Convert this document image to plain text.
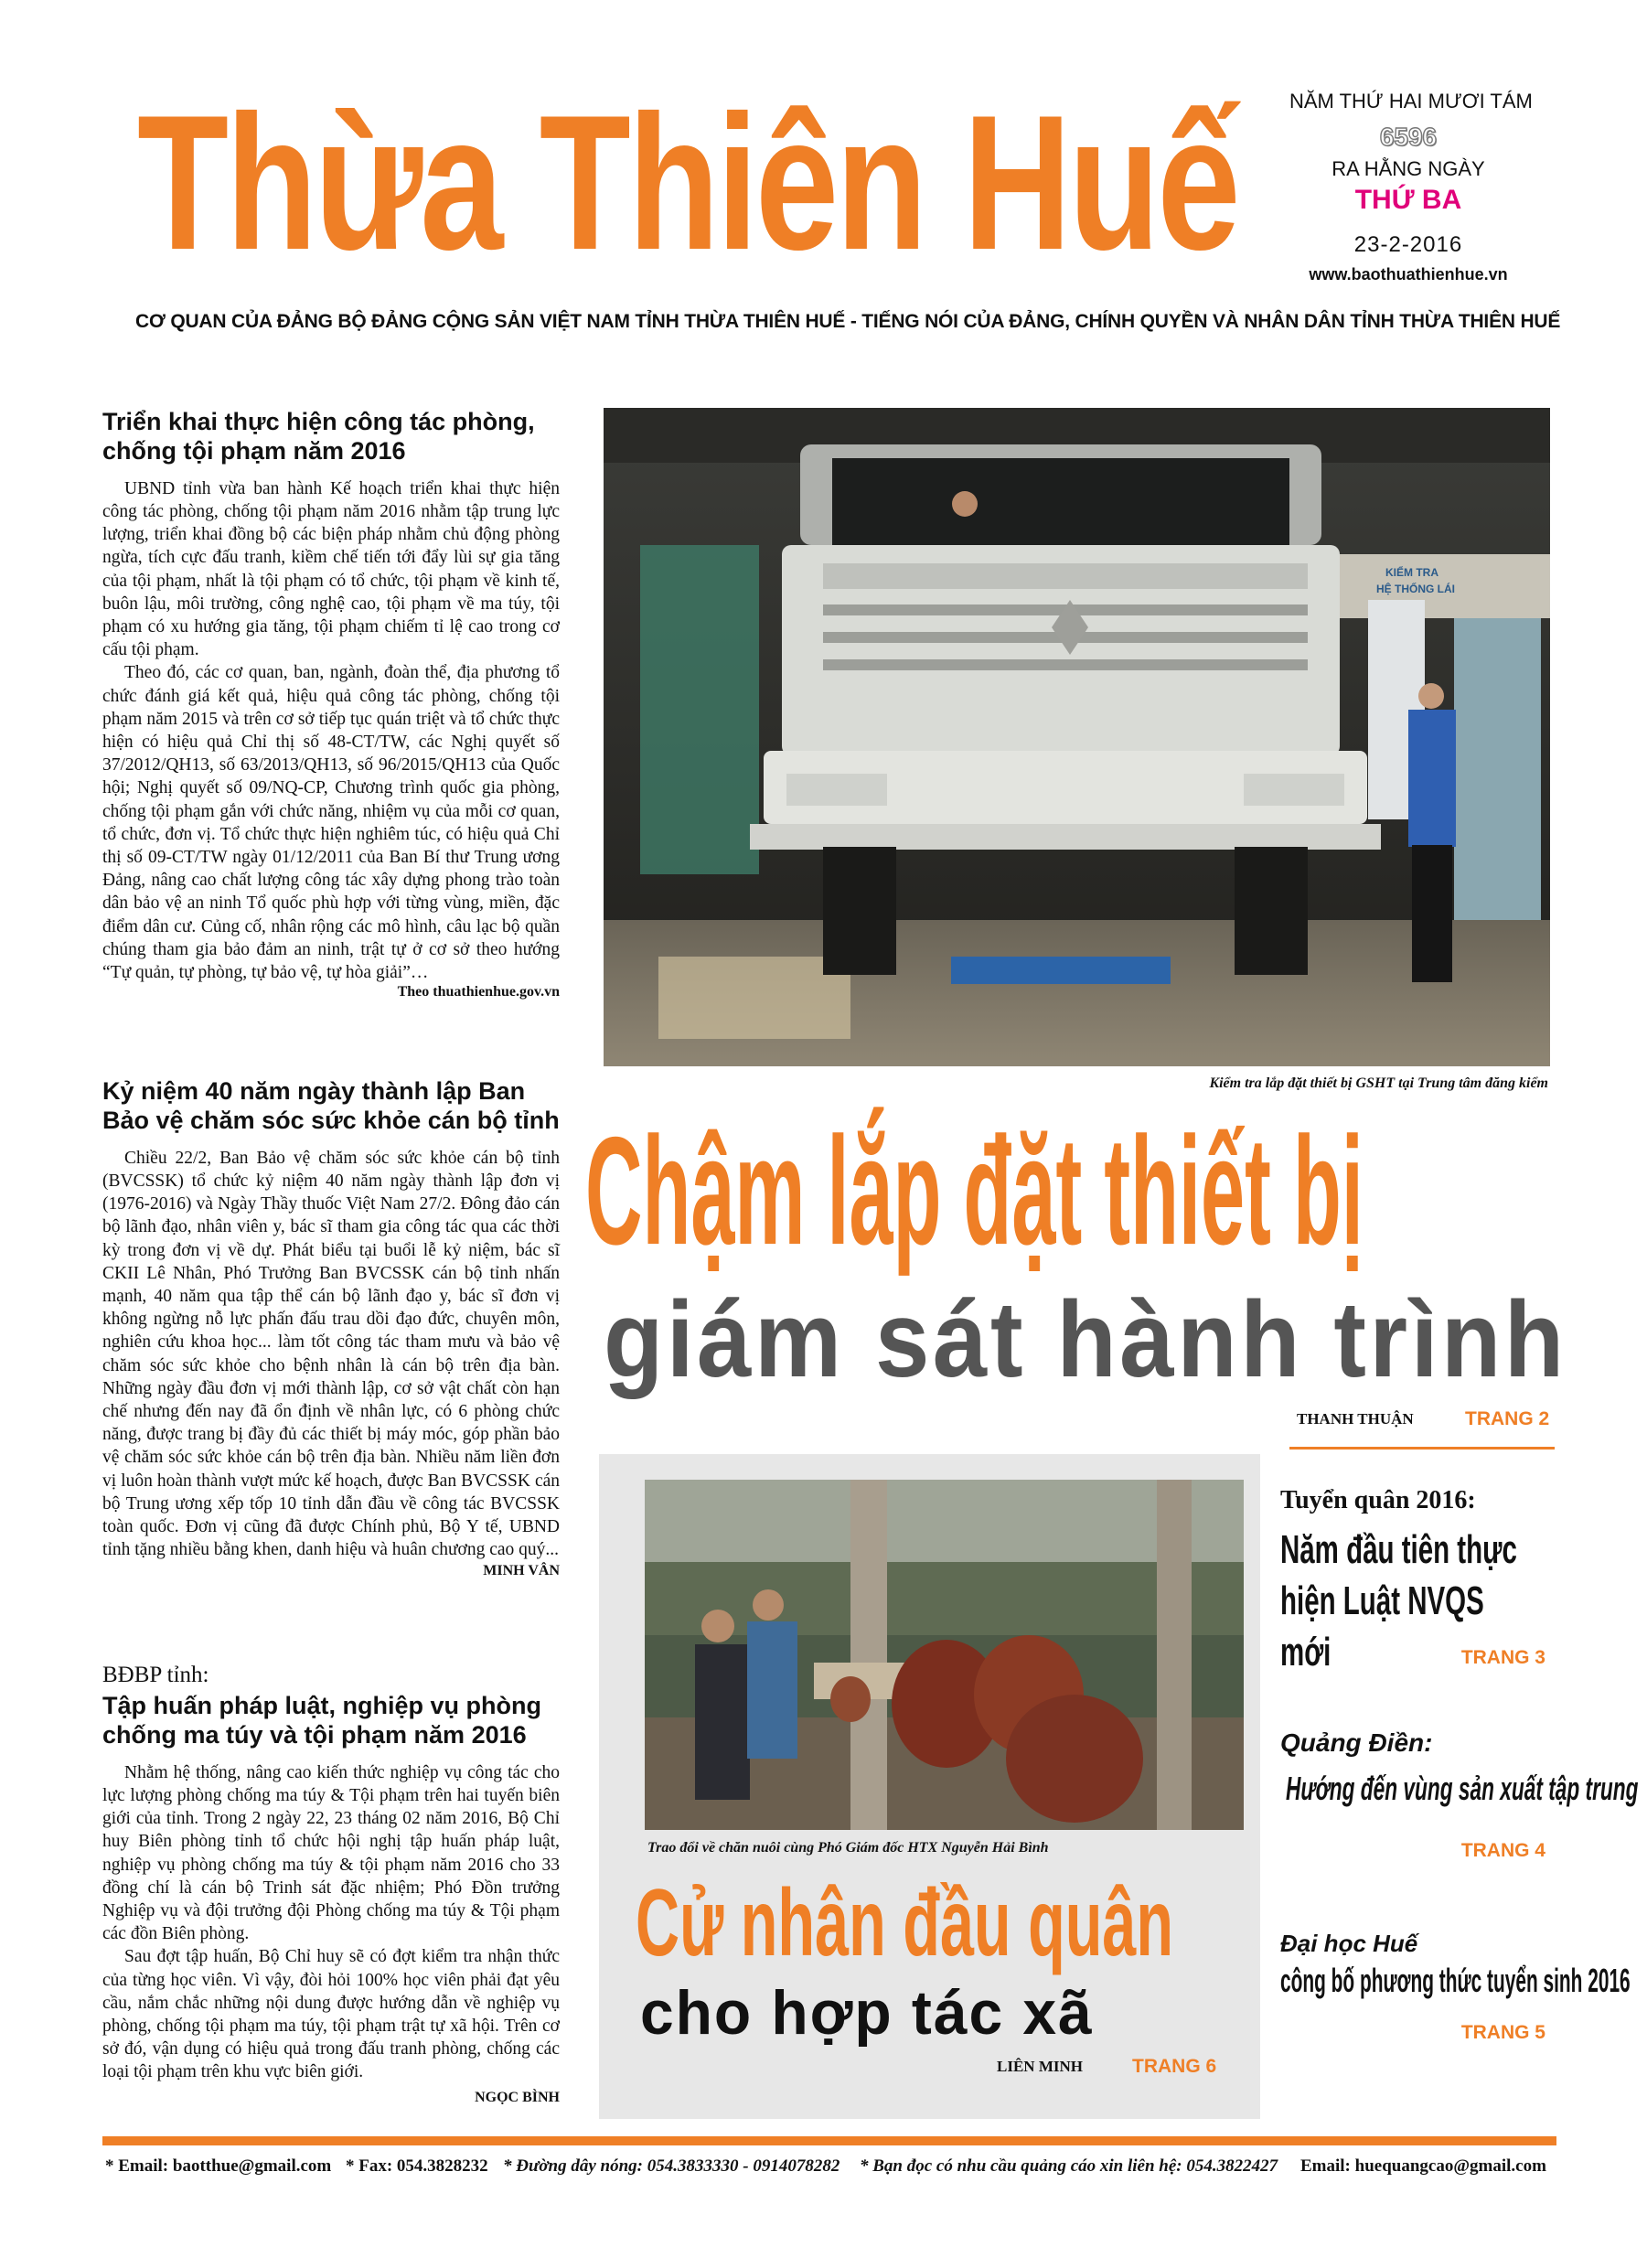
Thừa Thiên Huế	NĂM THỨ HAI MƯƠI TÁM
6596
RA HẰNG NGÀY
THỨ BA
23-2-2016
www.baothuathienhue.vn
CƠ QUAN CỦA ĐẢNG BỘ ĐẢNG CỘNG SẢN VIỆT NAM TỈNH THỪA THIÊN HUẾ - TIẾNG NÓI CỦA ĐẢNG, CHÍNH QUYỀN VÀ NHÂN DÂN TỈNH THỪA THIÊN HUẾ
Triển khai thực hiện công tác phòng, chống tội phạm năm 2016

UBND tỉnh vừa ban hành Kế hoạch triển khai thực hiện công tác phòng, chống tội phạm năm 2016 nhằm tập trung lực lượng, triển khai đồng bộ các biện pháp nhằm chủ động phòng ngừa, tích cực đấu tranh, kiềm chế tiến tới đẩy lùi sự gia tăng của tội phạm, nhất là tội phạm có tổ chức, tội phạm về kinh tế, buôn lậu, môi trường, công nghệ cao, tội phạm về ma túy, tội phạm có xu hướng gia tăng, tội phạm chiếm tỉ lệ cao trong cơ cấu tội phạm.

Theo đó, các cơ quan, ban, ngành, đoàn thể, địa phương tổ chức đánh giá kết quả, hiệu quả công tác phòng, chống tội phạm năm 2015 và trên cơ sở tiếp tục quán triệt và tổ chức thực hiện có hiệu quả Chỉ thị số 48-CT/TW, các Nghị quyết số 37/2012/QH13, số 63/2013/QH13, số 96/2015/QH13 của Quốc hội; Nghị quyết số 09/NQ-CP, Chương trình quốc gia phòng, chống tội phạm gắn với chức năng, nhiệm vụ của mỗi cơ quan, tổ chức, đơn vị. Tổ chức thực hiện nghiêm túc, có hiệu quả Chỉ thị số 09-CT/TW ngày 01/12/2011 của Ban Bí thư Trung ương Đảng, nâng cao chất lượng công tác xây dựng phong trào toàn dân bảo vệ an ninh Tổ quốc phù hợp với từng vùng, miền, đặc điểm dân cư. Củng cố, nhân rộng các mô hình, câu lạc bộ quần chúng tham gia bảo đảm an ninh, trật tự ở cơ sở theo hướng “Tự quản, tự phòng, tự bảo vệ, tự hòa giải”…

Theo thuathienhue.gov.vn
Kỷ niệm 40 năm ngày thành lập Ban Bảo vệ chăm sóc sức khỏe cán bộ tỉnh

Chiều 22/2, Ban Bảo vệ chăm sóc sức khỏe cán bộ tỉnh (BVCSSK) tổ chức kỷ niệm 40 năm ngày thành lập đơn vị (1976-2016) và Ngày Thầy thuốc Việt Nam 27/2. Đông đảo cán bộ lãnh đạo, nhân viên y, bác sĩ tham gia công tác qua các thời kỳ trong đơn vị về dự. Phát biểu tại buổi lễ kỷ niệm, bác sĩ CKII Lê Nhân, Phó Trưởng Ban BVCSSK cán bộ tỉnh nhấn mạnh, 40 năm qua tập thể cán bộ lãnh đạo y, bác sĩ đơn vị không ngừng nỗ lực phấn đấu trau dồi đạo đức, chuyên môn, nghiên cứu khoa học... làm tốt công tác tham mưu và bảo vệ chăm sóc sức khỏe cho bệnh nhân là cán bộ trên địa bàn. Những ngày đầu đơn vị mới thành lập, cơ sở vật chất còn hạn chế nhưng đến nay đã ổn định về nhân lực, có 6 phòng chức năng, được trang bị đầy đủ các thiết bị máy móc, góp phần bảo vệ chăm sóc sức khỏe cán bộ trên địa bàn. Nhiều năm liền đơn vị luôn hoàn thành vượt mức kế hoạch, được Ban BVCSSK cán bộ Trung ương xếp tốp 10 tỉnh dẫn đầu về công tác BVCSSK toàn quốc. Đơn vị cũng đã được Chính phủ, Bộ Y tế, UBND tỉnh tặng nhiều bằng khen, danh hiệu và huân chương cao quý...

MINH VÂN
BĐBP tỉnh:
Tập huấn pháp luật, nghiệp vụ phòng chống ma túy và tội phạm năm 2016

Nhằm hệ thống, nâng cao kiến thức nghiệp vụ công tác cho lực lượng phòng chống ma túy & Tội phạm trên hai tuyến biên giới của tỉnh. Trong 2 ngày 22, 23 tháng 02 năm 2016, Bộ Chỉ huy Biên phòng tỉnh tổ chức hội nghị tập huấn pháp luật, nghiệp vụ phòng chống ma túy & tội phạm năm 2016 cho 33 đồng chí là cán bộ Trinh sát đặc nhiệm; Phó Đồn trưởng Nghiệp vụ và đội trưởng đội Phòng chống ma túy & Tội phạm các đồn Biên phòng.

Sau đợt tập huấn, Bộ Chỉ huy sẽ có đợt kiểm tra nhận thức của từng học viên. Vì vậy, đòi hỏi 100% học viên phải đạt yêu cầu, nắm chắc những nội dung được hướng dẫn về nghiệp vụ phòng, chống tội phạm ma túy, tội phạm trật tự xã hội. Trên cơ sở đó, vận dụng có hiệu quả trong đấu tranh phòng, chống các loại tội phạm trên khu vực biên giới.

NGỌC BÌNH
KIỂM TRA
HỆ THỐNG LÁI
Kiểm tra lắp đặt thiết bị GSHT tại Trung tâm đăng kiểm
Chậm lắp đặt thiết bị
giám sát hành trình
THANH THUẬN	TRANG 2
Trao đổi về chăn nuôi cùng Phó Giám đốc HTX Nguyễn Hải Bình
Cử nhân đầu quân
cho hợp tác xã
LIÊN MINH	TRANG 6
Tuyển quân 2016:
Năm đầu tiên thực hiện Luật NVQS mới	TRANG 3
Quảng Điền:
Hướng đến vùng sản xuất tập trung
TRANG 4
Đại học Huế
công bố phương thức tuyển sinh 2016
TRANG 5
* Email: baotthue@gmail.com * Fax: 054.3828232 * Đường dây nóng: 054.3833330 - 0914078282 * Bạn đọc có nhu cầu quảng cáo xin liên hệ: 054.3822427 Email: huequangcao@gmail.com
